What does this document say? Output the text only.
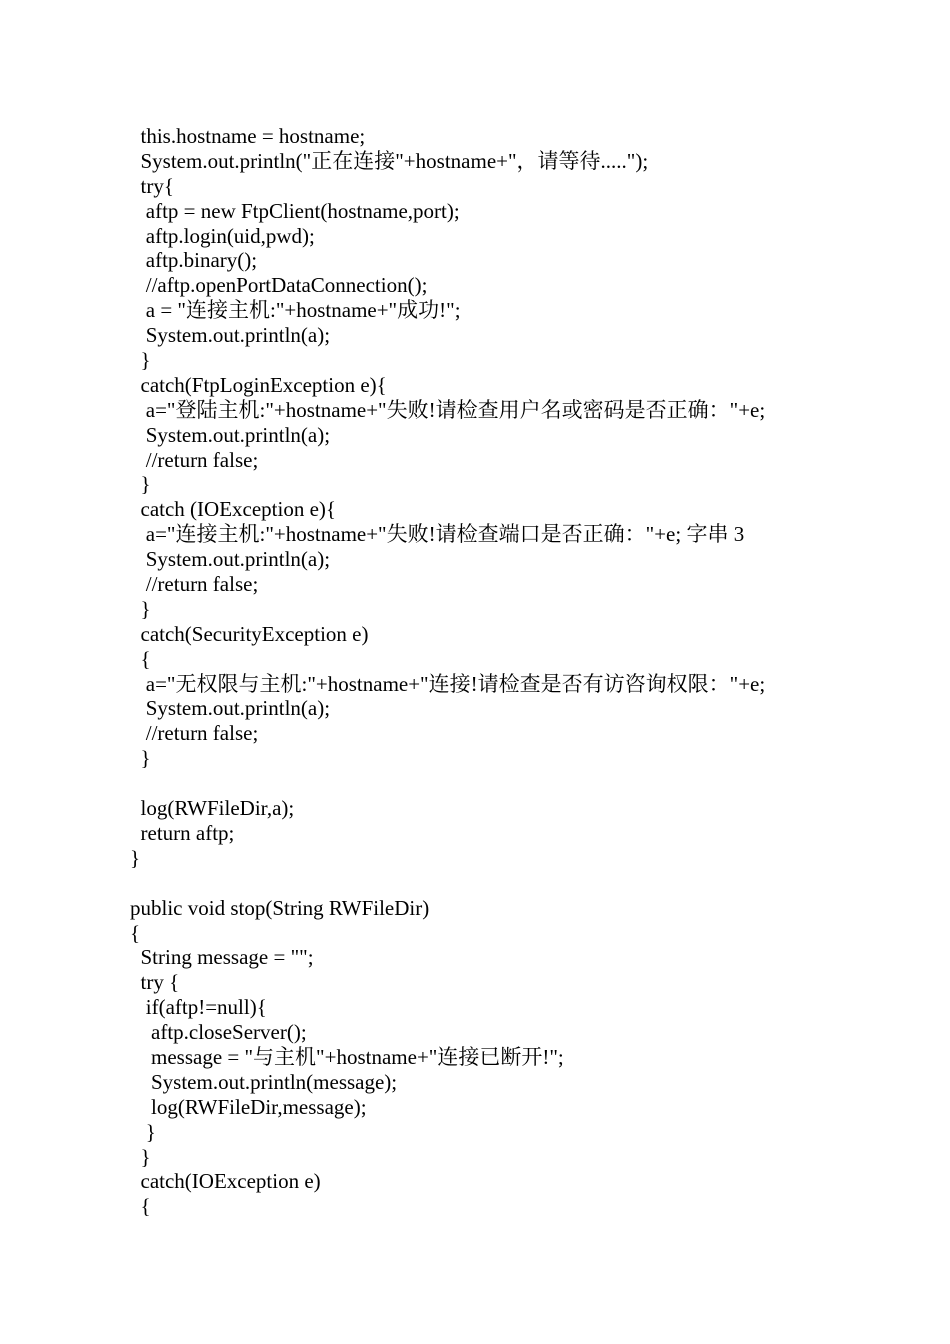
this.hostname = hostname;
System.out.println("正在连接"+hostname+"，请等待.....");
try{
aftp = new FtpClient(hostname,port);
aftp.login(uid,pwd);
aftp.binary();
//aftp.openPortDataConnection();
a = "连接主机:"+hostname+"成功!";
System.out.println(a);
}
catch(FtpLoginException e){
a="登陆主机:"+hostname+"失败!请检查用户名或密码是否正确："+e;
System.out.println(a);
//return false;
}
catch (IOException e){
a="连接主机:"+hostname+"失败!请检查端口是否正确："+e; 字串 3
System.out.println(a);
//return false;
}
catch(SecurityException e)
{
a="无权限与主机:"+hostname+"连接!请检查是否有访咨询权限："+e;
System.out.println(a);
//return false;
}
log(RWFileDir,a);
return aftp;
}
public void stop(String RWFileDir)
{
String message = "";
try {
if(aftp!=null){
aftp.closeServer();
message = "与主机"+hostname+"连接已断开!";
System.out.println(message);
log(RWFileDir,message);
}
}
catch(IOException e)
{
